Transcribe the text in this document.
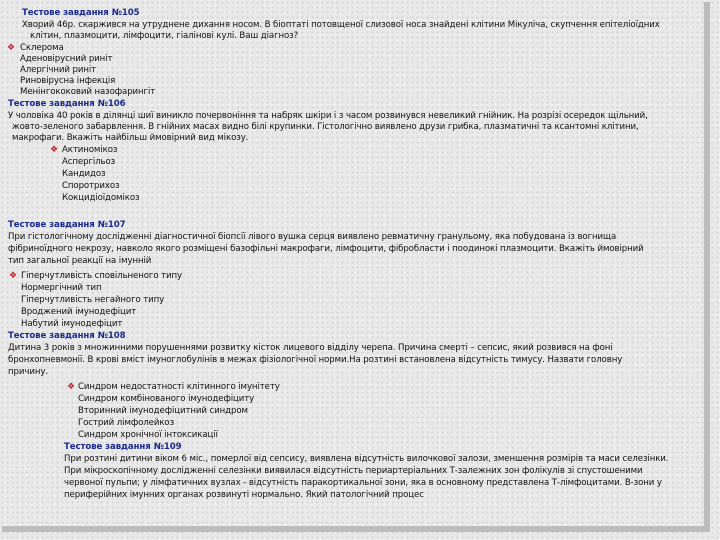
Тестове завдання №105
Хворий 46р. скаржився на утруднене дихання носом. В біоптаті потовщеної слизової носа знайдені клітини Мікуліча, скупчення епітеліоїдних
клітин, плазмоцити, лімфоцити, гіалінові кулі. Ваш діагноз?
❖ Склерома
Аденовірусний риніт
Алергічний риніт
Риновірусна інфекція
Менінгококовий назофарингіт
Тестове завдання №106
У чоловіка 40 років в ділянці шиї виникло почервоніння та набряк шкіри і з часом розвинувся невеликий гнійник. На розрізі осередок щільний,
жовто-зеленого забарвлення. В гнійних масах видно білі крупинки. Гістологічно виявлено друзи грибка, плазматичні та ксантомні клітини,
макрофаги. Вкажіть найбільш ймовірний вид мікозу.
❖ Актиномікоз
Аспергільоз
Кандидоз
Споротрихоз
Кокцидіоїдомікоз
Тестове завдання №107
При гістологічному дослідженні діагностичної біопсії лівого вушка серця виявлено ревматичну гранульому, яка побудована із вогнища
фібриноїдного некрозу, навколо якого розміщені базофільні макрофаги, лімфоцити, фібробласти і поодинокі плазмоцити. Вкажіть ймовірний
тип загальної реакції на імунній
❖ Гіперчутливість сповільненого типу
Нормергічний тип
Гіперчутливість негайного типу
Вроджений імунодефіцит
Набутий імунодефіцит
Тестове завдання №108
Дитина 3 років з множинними порушеннями розвитку кісток лицевого відділу черепа. Причина смерті – сепсис, який розвився на фоні
бронхопневмонії. В крові вміст імуноглобулінів в межах фізіологічної норми.На розтині встановлена відсутність тимусу. Назвати головну
причину.
❖ Синдром недостатності клітинного імунітету
Синдром комбінованого імунодефіциту
Вторинний імунодефіцитний синдром
Гострий лімфолейкоз
Синдром хронічної інтоксикації
Тестове завдання №109
При розтині дитини віком 6 міс., померлої від сепсису, виявлена відсутність вилочкової залози, зменшення розмірів та маси селезінки.
При мікроскопічному дослідженні селезінки виявилася відсутність периартеріальних Т-залежних зон фолікулів зі спустошеними
червоної пульпи; у лімфатичних вузлах - відсутність паракортикальної зони, яка в основному представлена Т-лімфоцитами. В-зони у
периферійних імунних органах розвинуті нормально. Який патологічний процес
